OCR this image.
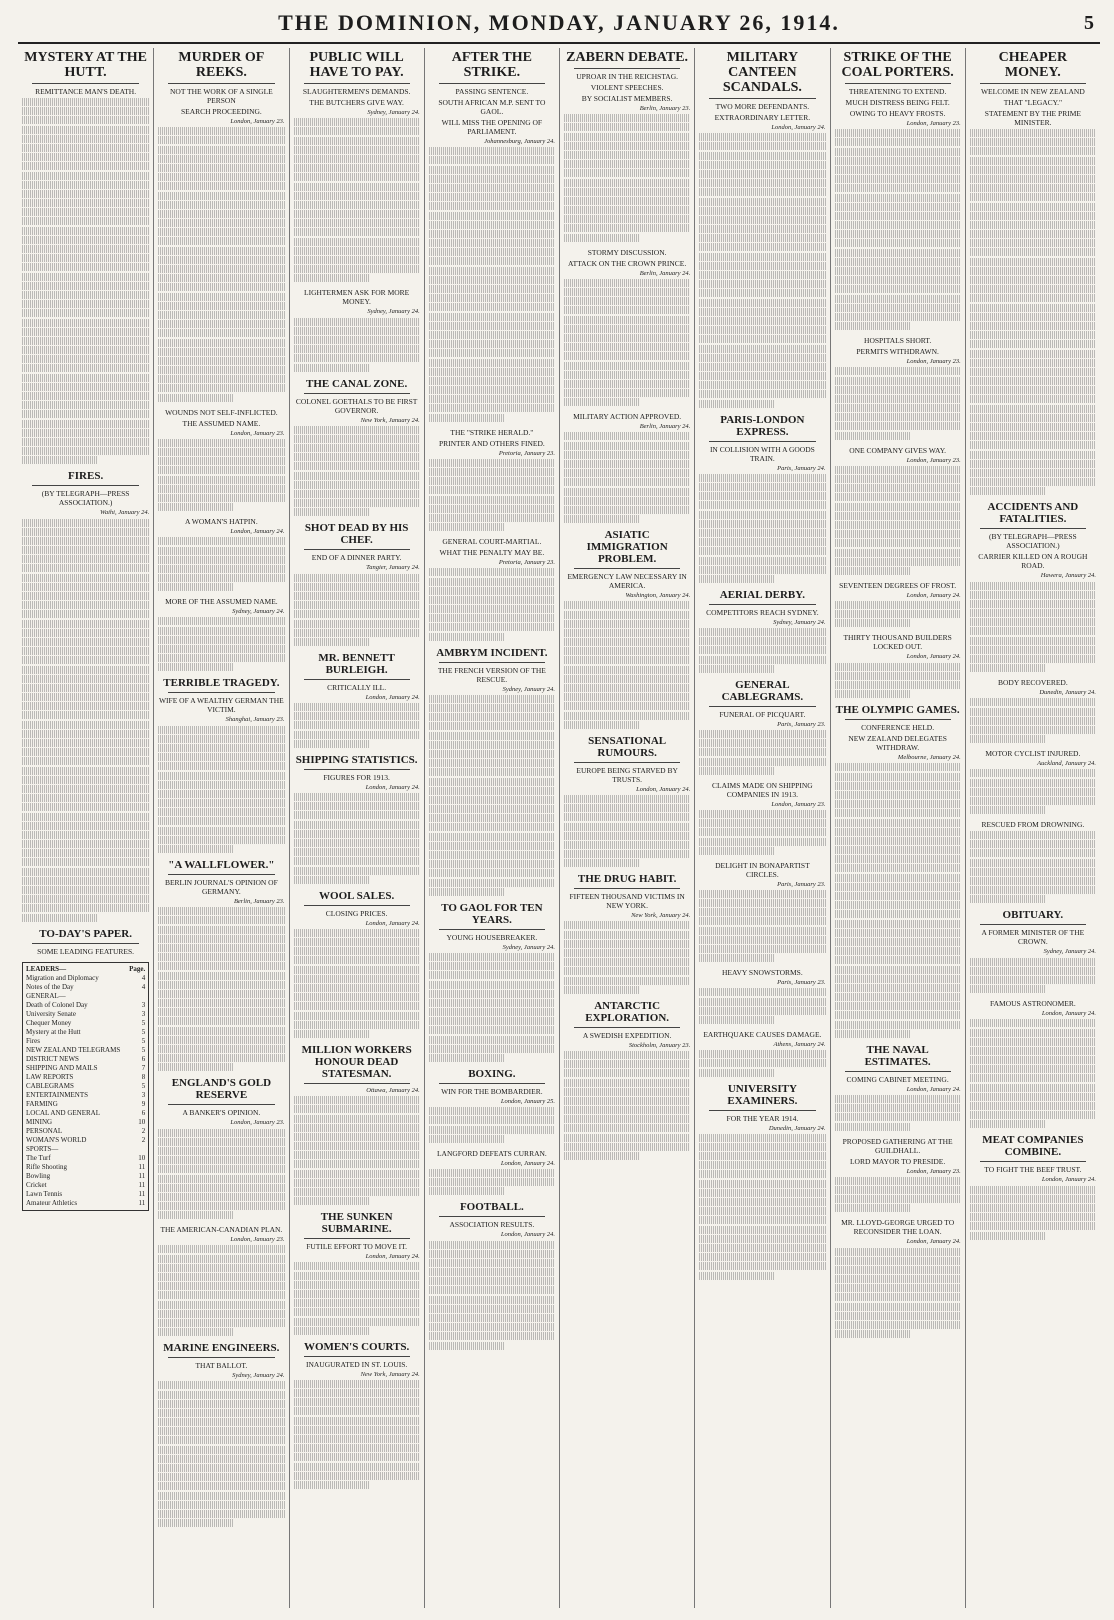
THE DOMINION, MONDAY, JANUARY 26, 1914.	5
MYSTERY AT THE HUTT.
REMITTANCE MAN'S DEATH.
FIRES.
(BY TELEGRAPH—PRESS ASSOCIATION.)
Waihi, January 24.
TO-DAY'S PAPER.
SOME LEADING FEATURES.
LEADERS—	Page.
Migration and Diplomacy	4
Notes of the Day	4
GENERAL—
Death of Colonel Day	3
University Senate	3
Chequer Money	5
Mystery at the Hutt	5
Fires	5
NEW ZEALAND TELEGRAMS	5
DISTRICT NEWS	6
SHIPPING AND MAILS	7
LAW REPORTS	8
CABLEGRAMS	5
ENTERTAINMENTS	3
FARMING	9
LOCAL AND GENERAL	6
MINING	10
PERSONAL	2
WOMAN'S WORLD	2
SPORTS—
The Turf	10
Rifle Shooting	11
Bowling	11
Cricket	11
Lawn Tennis	11
Amateur Athletics	11
MURDER OF REEKS.
NOT THE WORK OF A SINGLE PERSON
SEARCH PROCEEDING.
London, January 23.
WOUNDS NOT SELF-INFLICTED.
THE ASSUMED NAME.
London, January 23.
A WOMAN'S HATPIN.
London, January 24.
MORE OF THE ASSUMED NAME.
Sydney, January 24.
TERRIBLE TRAGEDY.
WIFE OF A WEALTHY GERMAN THE VICTIM.
Shanghai, January 23.
"A WALLFLOWER."
BERLIN JOURNAL'S OPINION OF GERMANY.
Berlin, January 23.
ENGLAND'S GOLD RESERVE
A BANKER'S OPINION.
London, January 23.
THE AMERICAN-CANADIAN PLAN.
London, January 23.
MARINE ENGINEERS.
THAT BALLOT.
Sydney, January 24.
PUBLIC WILL HAVE TO PAY.
SLAUGHTERMEN'S DEMANDS.
THE BUTCHERS GIVE WAY.
Sydney, January 24.
LIGHTERMEN ASK FOR MORE MONEY.
Sydney, January 24.
THE CANAL ZONE.
COLONEL GOETHALS TO BE FIRST GOVERNOR.
New York, January 24.
SHOT DEAD BY HIS CHEF.
END OF A DINNER PARTY.
Tangier, January 24.
MR. BENNETT BURLEIGH.
CRITICALLY ILL.
London, January 24.
SHIPPING STATISTICS.
FIGURES FOR 1913.
London, January 24.
WOOL SALES.
CLOSING PRICES.
London, January 24.
MILLION WORKERS HONOUR DEAD STATESMAN.
Ottawa, January 24.
THE SUNKEN SUBMARINE.
FUTILE EFFORT TO MOVE IT.
London, January 24.
WOMEN'S COURTS.
INAUGURATED IN ST. LOUIS.
New York, January 24.
AFTER THE STRIKE.
PASSING SENTENCE.
SOUTH AFRICAN M.P. SENT TO GAOL.
WILL MISS THE OPENING OF PARLIAMENT.
Johannesburg, January 24.
THE "STRIKE HERALD."
PRINTER AND OTHERS FINED.
Pretoria, January 23.
GENERAL COURT-MARTIAL.
WHAT THE PENALTY MAY BE.
Pretoria, January 23.
AMBRYM INCIDENT.
THE FRENCH VERSION OF THE RESCUE.
Sydney, January 24.
TO GAOL FOR TEN YEARS.
YOUNG HOUSEBREAKER.
Sydney, January 24.
BOXING.
WIN FOR THE BOMBARDIER.
London, January 25.
LANGFORD DEFEATS CURRAN.
London, January 24.
FOOTBALL.
ASSOCIATION RESULTS.
London, January 24.
ZABERN DEBATE.
UPROAR IN THE REICHSTAG.
VIOLENT SPEECHES.
BY SOCIALIST MEMBERS.
Berlin, January 23.
STORMY DISCUSSION.
ATTACK ON THE CROWN PRINCE.
Berlin, January 24.
MILITARY ACTION APPROVED.
Berlin, January 24.
ASIATIC IMMIGRATION PROBLEM.
EMERGENCY LAW NECESSARY IN AMERICA.
Washington, January 24.
SENSATIONAL RUMOURS.
EUROPE BEING STARVED BY TRUSTS.
London, January 24.
THE DRUG HABIT.
FIFTEEN THOUSAND VICTIMS IN NEW YORK.
New York, January 24.
ANTARCTIC EXPLORATION.
A SWEDISH EXPEDITION.
Stockholm, January 23.
MILITARY CANTEEN SCANDALS.
TWO MORE DEFENDANTS.
EXTRAORDINARY LETTER.
London, January 24.
PARIS-LONDON EXPRESS.
IN COLLISION WITH A GOODS TRAIN.
Paris, January 24.
AERIAL DERBY.
COMPETITORS REACH SYDNEY.
Sydney, January 24.
GENERAL CABLEGRAMS.
FUNERAL OF PICQUART.
Paris, January 23.
CLAIMS MADE ON SHIPPING COMPANIES IN 1913.
London, January 23.
DELIGHT IN BONAPARTIST CIRCLES.
Paris, January 23.
HEAVY SNOWSTORMS.
Paris, January 23.
EARTHQUAKE CAUSES DAMAGE.
Athens, January 24.
UNIVERSITY EXAMINERS.
FOR THE YEAR 1914.
Dunedin, January 24.
STRIKE OF THE COAL PORTERS.
THREATENING TO EXTEND.
MUCH DISTRESS BEING FELT.
OWING TO HEAVY FROSTS.
London, January 23.
HOSPITALS SHORT.
PERMITS WITHDRAWN.
London, January 23.
ONE COMPANY GIVES WAY.
London, January 23.
SEVENTEEN DEGREES OF FROST.
London, January 24.
THIRTY THOUSAND BUILDERS LOCKED OUT.
London, January 24.
THE OLYMPIC GAMES.
CONFERENCE HELD.
NEW ZEALAND DELEGATES WITHDRAW.
Melbourne, January 24.
THE NAVAL ESTIMATES.
COMING CABINET MEETING.
London, January 24.
PROPOSED GATHERING AT THE GUILDHALL.
LORD MAYOR TO PRESIDE.
London, January 23.
MR. LLOYD-GEORGE URGED TO RECONSIDER THE LOAN.
London, January 24.
CHEAPER MONEY.
WELCOME IN NEW ZEALAND
THAT "LEGACY."
STATEMENT BY THE PRIME MINISTER.
ACCIDENTS AND FATALITIES.
(BY TELEGRAPH—PRESS ASSOCIATION.)
CARRIER KILLED ON A ROUGH ROAD.
Hawera, January 24.
BODY RECOVERED.
Dunedin, January 24.
MOTOR CYCLIST INJURED.
Auckland, January 24.
RESCUED FROM DROWNING.
OBITUARY.
A FORMER MINISTER OF THE CROWN.
Sydney, January 24.
FAMOUS ASTRONOMER.
London, January 24.
MEAT COMPANIES COMBINE.
TO FIGHT THE BEEF TRUST.
London, January 24.
